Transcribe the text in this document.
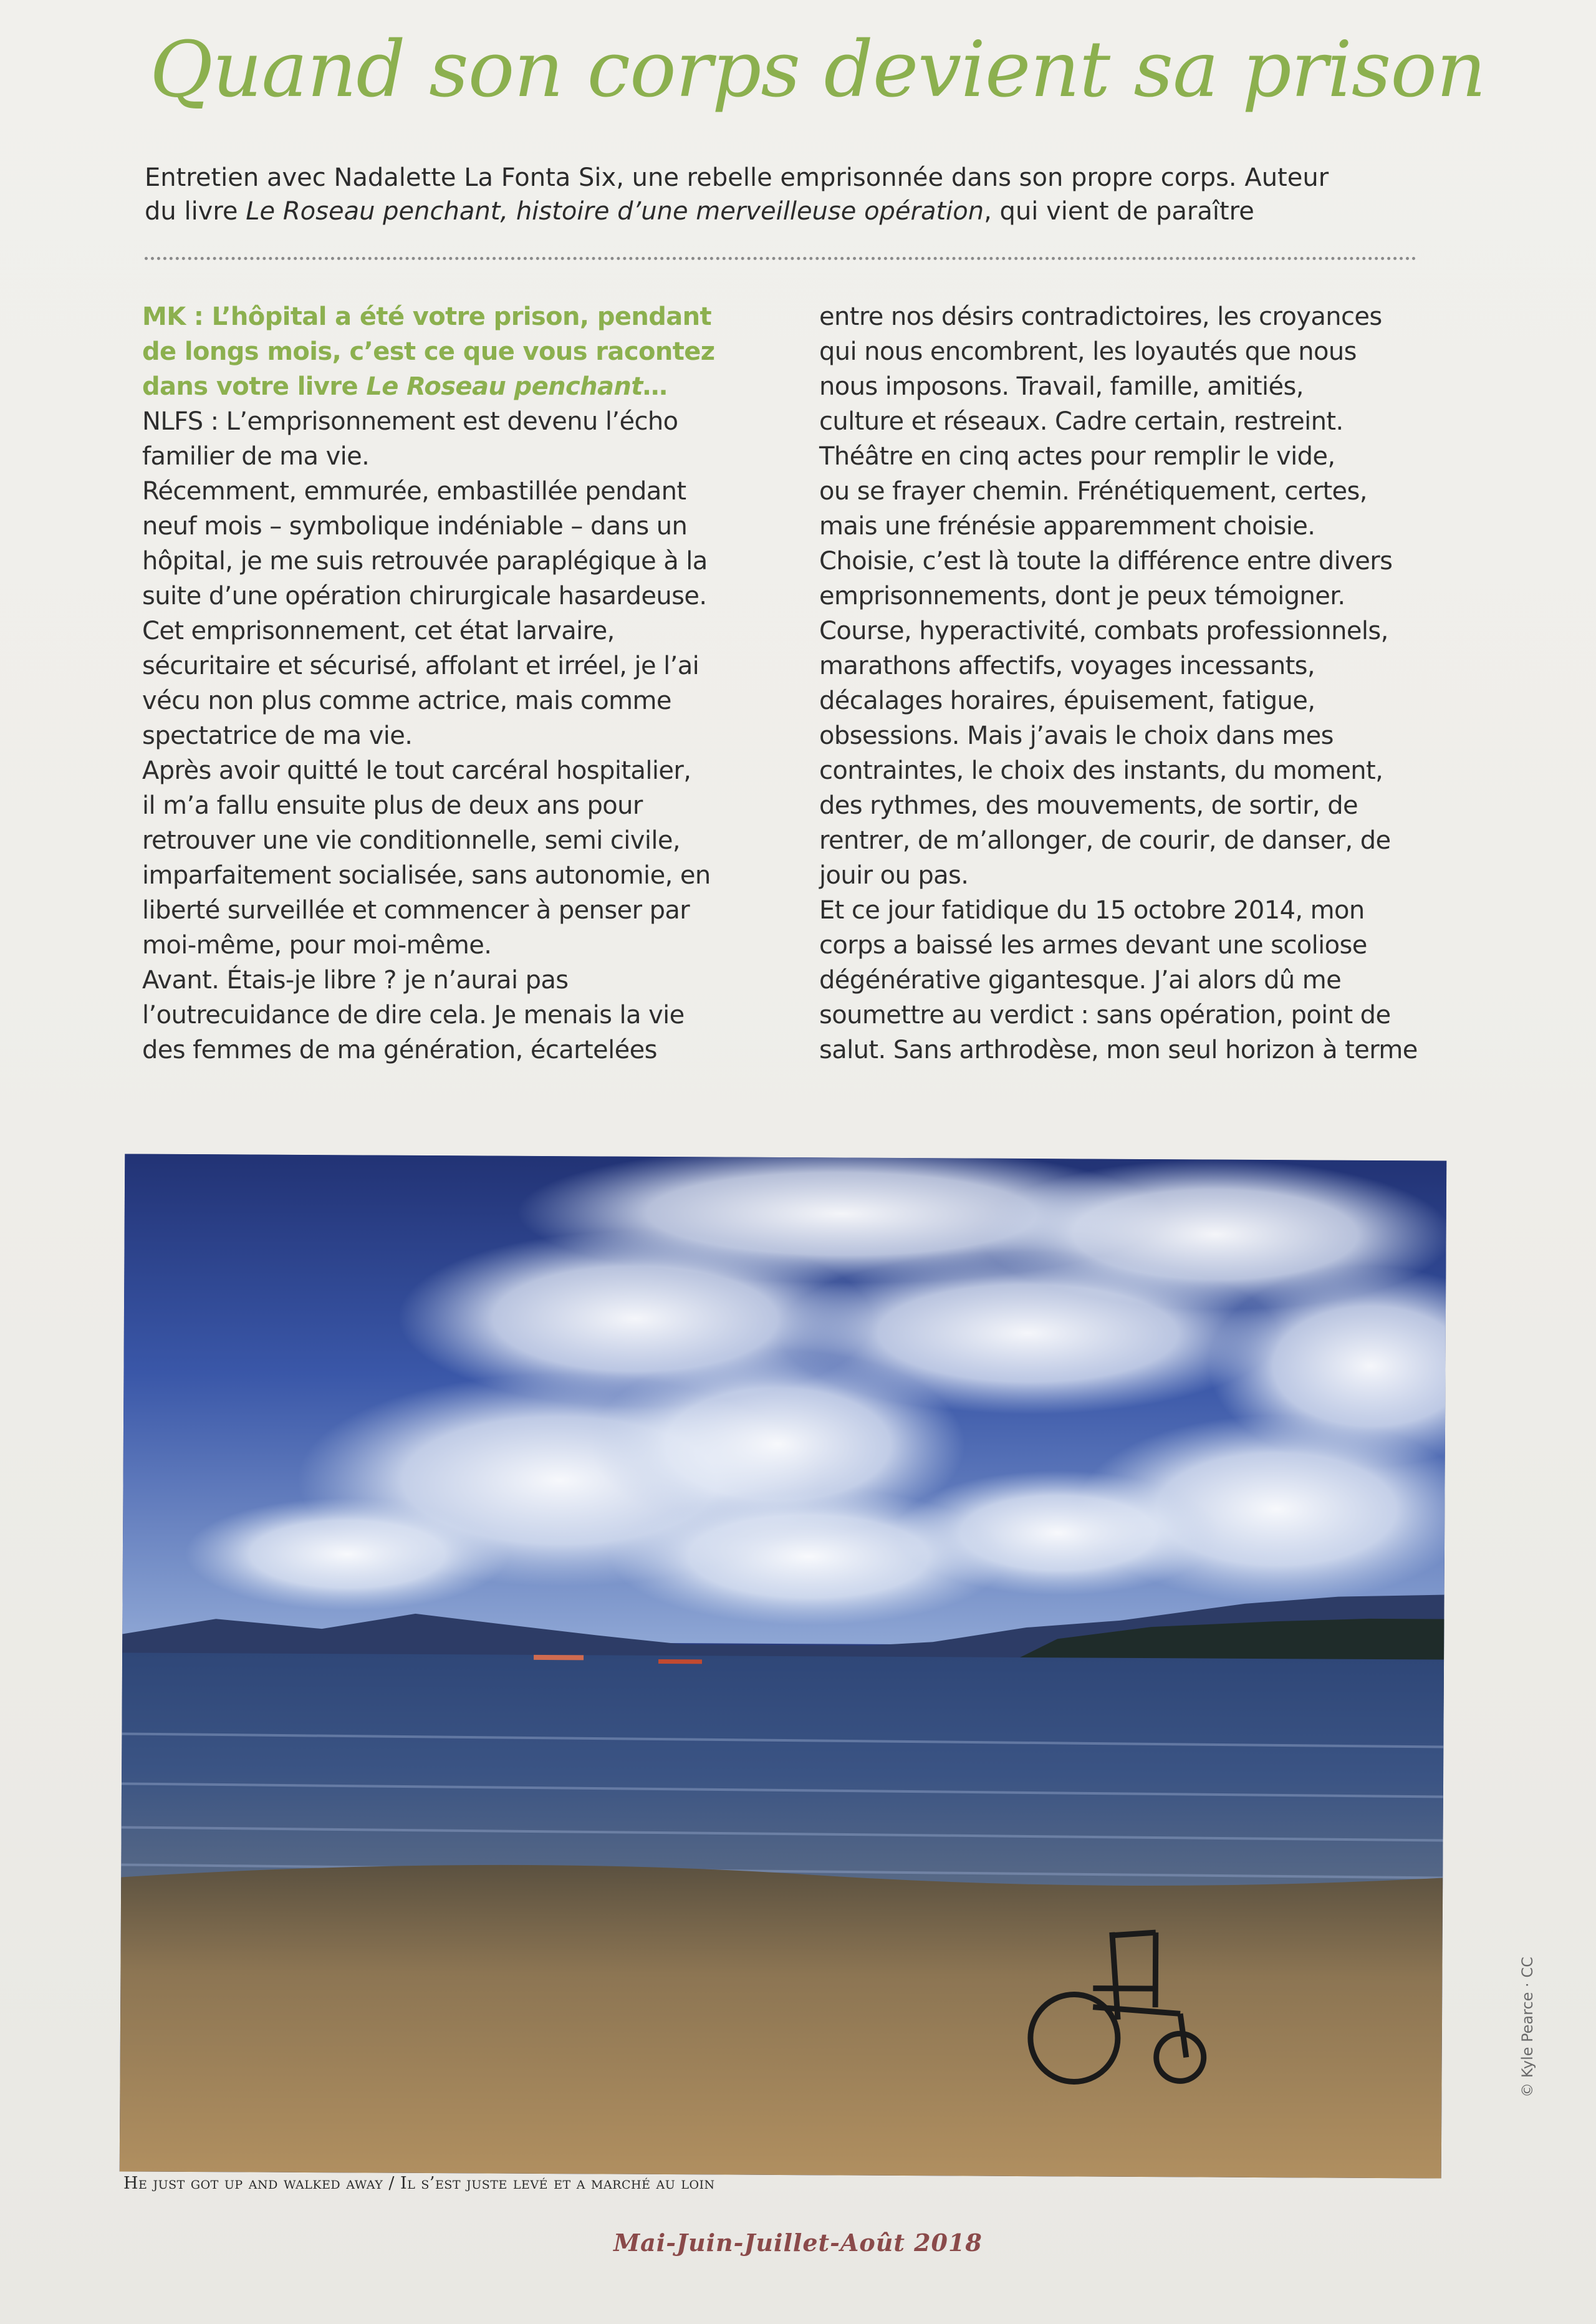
Quand son corps devient sa prison

Entretien avec Nadalette La Fonta Six, une rebelle emprisonnée dans son propre corps. Auteur
du livre Le Roseau penchant, histoire d’une merveilleuse opération, qui vient de paraître

MK : L’hôpital a été votre prison, pendant
de longs mois, c’est ce que vous racontez
dans votre livre Le Roseau penchant…
NLFS : L’emprisonnement est devenu l’écho
familier de ma vie.
Récemment, emmurée, embastillée pendant
neuf mois – symbolique indéniable – dans un
hôpital, je me suis retrouvée paraplégique à la
suite d’une opération chirurgicale hasardeuse.
Cet emprisonnement, cet état larvaire,
sécuritaire et sécurisé, affolant et irréel, je l’ai
vécu non plus comme actrice, mais comme
spectatrice de ma vie.
Après avoir quitté le tout carcéral hospitalier,
il m’a fallu ensuite plus de deux ans pour
retrouver une vie conditionnelle, semi civile,
imparfaitement socialisée, sans autonomie, en
liberté surveillée et commencer à penser par
moi-même, pour moi-même.
Avant. Étais-je libre ? je n’aurai pas
l’outrecuidance de dire cela. Je menais la vie
des femmes de ma génération, écartelées
entre nos désirs contradictoires, les croyances
qui nous encombrent, les loyautés que nous
nous imposons. Travail, famille, amitiés,
culture et réseaux. Cadre certain, restreint.
Théâtre en cinq actes pour remplir le vide,
ou se frayer chemin. Frénétiquement, certes,
mais une frénésie apparemment choisie.
Choisie, c’est là toute la différence entre divers
emprisonnements, dont je peux témoigner.
Course, hyperactivité, combats professionnels,
marathons affectifs, voyages incessants,
décalages horaires, épuisement, fatigue,
obsessions. Mais j’avais le choix dans mes
contraintes, le choix des instants, du moment,
des rythmes, des mouvements, de sortir, de
rentrer, de m’allonger, de courir, de danser, de
jouir ou pas.
Et ce jour fatidique du 15 octobre 2014, mon
corps a baissé les armes devant une scoliose
dégénérative gigantesque. J’ai alors dû me
soumettre au verdict : sans opération, point de
salut. Sans arthrodèse, mon seul horizon à terme
He just got up and walked away / Il s’est juste levé et a marché au loin
© Kyle Pearce · CC
Mai-Juin-Juillet-Août 2018
